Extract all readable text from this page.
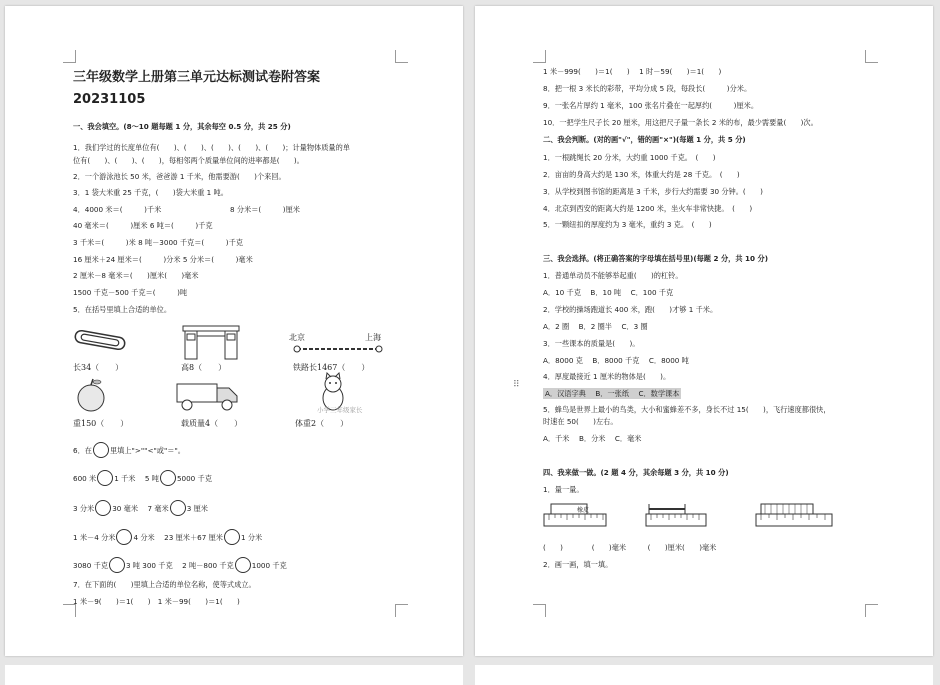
三年级数学上册第三单元达标测试卷附答案
20231105
一、我会填空。(8～10 题每题 1 分，其余每空 0.5 分，共 25 分)
1．我们学过的长度单位有(　　)、(　　)、(　　)、(　　)、(　　)；计量物体质量的单
位有(　　)、(　　)、(　　)，每相邻两个质量单位间的进率都是(　　)。
2．一个游泳池长 50 米，爸爸游 1 千米，他需要游(　　)个来回。
3．1 袋大米重 25 千克，(　　)袋大米重 1 吨。
4．4000 米＝(　　　)千米	8 分米＝(　　　)厘米
40 毫米＝(　　　)厘米 6 吨＝(　　　)千克
3 千米＝(　　　)米 8 吨－3000 千克＝(　　　)千克
16 厘米＋24 厘米＝(　　　)分米 5 分米＝(　　　)毫米
2 厘米－8 毫米＝(　　)厘米(　　)毫米
1500 千克－500 千克＝(　　　)吨
5．在括号里填上合适的单位。
长34（　　）	高8（　　）
北京	上海
铁路长1467（　　）
重150（　　）	载质量4（　　）
小学三年级家长
体重2（　　）
6．在	里填上">""<"或"＝"。
600 米	1 千米　 5 吨	5000 千克
3 分米	30 毫米　 7 毫米	3 厘米
1 米－4 分米	4 分米　 23 厘米＋67 厘米	1 分米
3080 千克	3 吨 300 千克　 2 吨－800 千克	1000 千克
7．在下面的(　　)里填上合适的单位名称，使等式成立。
1 米－9(　　)＝1(　　)　1 米－99(　　)＝1(　　)
1 米－999(　　)＝1(　　)　 1 时－59(　　)＝1(　　)
8．把一根 3 米长的彩带，平均分成 5 段，每段长(　　　)分米。
9．一张名片厚约 1 毫米，100 张名片叠在一起厚约(　　　)厘米。
10．一把学生尺子长 20 厘米，用这把尺子量一条长 2 米的布，最少需要量(　　)次。
二、我会判断。(对的画"√"，错的画"×")(每题 1 分，共 5 分)
1．一根跳绳长 20 分米，大约重 1000 千克。　(　　)
2．亩亩的身高大约是 130 米，体重大约是 28 千克。　(　　)
3．从学校到图书馆的距离是 3 千米，步行大约需要 30 分钟。(　　)
4．北京到西安的距离大约是 1200 米，坐火车非常快捷。　(　　)
5．一颗纽扣的厚度约为 3 毫米，重约 3 克。　(　　)
三、我会选择。(将正确答案的字母填在括号里)(每题 2 分，共 10 分)
1．普通单动员不能够举起重(　　)的杠铃。
A．10 千克　 B．10 吨　 C．100 千克
2．学校的操场跑道长 400 米，跑(　　)才够 1 千米。
A．2 圈　 B．2 圈半　 C．3 圈
3．一些课本的质量是(　　)。
A．8000 克　 B．8000 千克　 C．8000 吨
4．厚度最接近 1 厘米的物体是(　　)。
A．汉语字典　 B．一张纸　 C．数学课本
5．蜂鸟是世界上最小的鸟类，大小和蜜蜂差不多，身长不过 15(　　)，飞行速度都很快，
时速在 50(　　)左右。
A．千米　 B．分米　 C．毫米
四、我来做一做。(2 题 4 分，其余每题 3 分，共 10 分)
1．量一量。
橡皮
(　　)　　　　(　　)毫米　　　(　　)厘米(　　)毫米
2．画一画，填一填。
⠿
